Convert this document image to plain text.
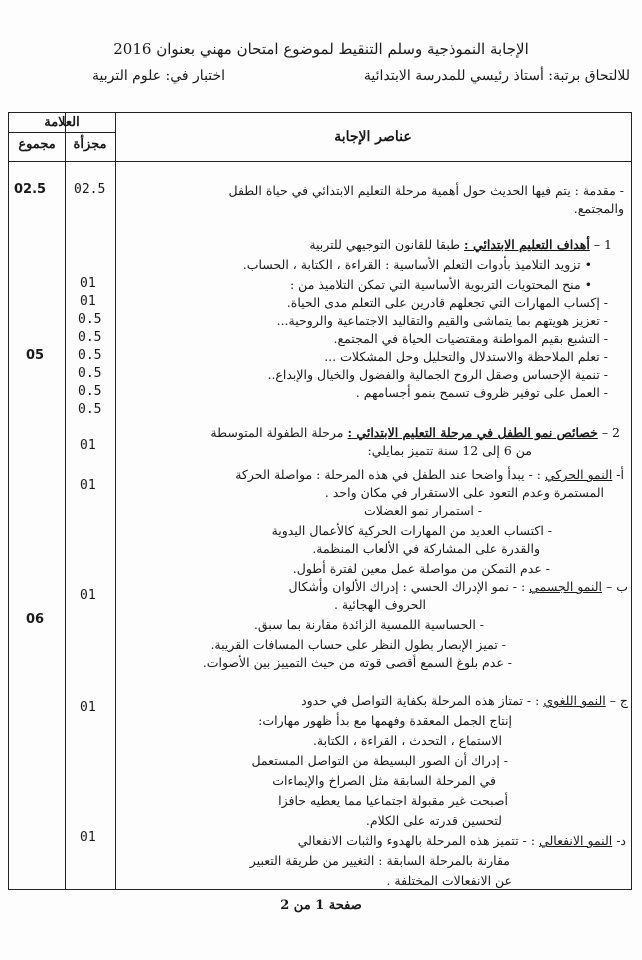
الإجابة النموذجية وسلم التنقيط لموضوع امتحان مهني بعنوان 2016
للالتحاق برتبة: أستاذ رئيسي للمدرسة الابتدائية
اختبار في: علوم التربية
العلامة
مجزأة
مجموع	عناصر الإجابة
02.5
02.5
01
01
0.5
0.5
0.5
0.5
0.5
0.5
05
01
01
01
01
01
06
- مقدمة : يتم فيها الحديث حول أهمية مرحلة التعليم الابتدائي في حياة الطفل
والمجتمع.
1 – أهداف التعليم الابتدائي : طبقا للقانون التوجيهي للتربية
• تزويد التلاميذ بأدوات التعلم الأساسية : القراءة ، الكتابة ، الحساب.
• منح المحتويات التربوية الأساسية التي تمكن التلاميذ من :
- إكساب المهارات التي تجعلهم قادرين على التعلم مدى الحياة.
- تعزيز هويتهم بما يتماشى والقيم والتقاليد الاجتماعية والروحية...
- التشبع بقيم المواطنة ومقتضيات الحياة في المجتمع.
- تعلم الملاحظة والاستدلال والتحليل وحل المشكلات ...
- تنمية الإحساس وصقل الروح الجمالية والفضول والخيال والإبداع..
- العمل على توفير ظروف تسمح بنمو أجسامهم .
2 – خصائص نمو الطفل في مرحلة التعليم الابتدائي : مرحلة الطفولة المتوسطة
من 6 إلى 12 سنة تتميز بمايلي:
أ- النمو الحركي : - يبدأ واضحا عند الطفل في هذه المرحلة : مواصلة الحركة
المستمرة وعدم التعود على الاستقرار في مكان واحد .
- استمرار نمو العضلات
- اكتساب العديد من المهارات الحركية كالأعمال اليدوية
والقدرة على المشاركة في الألعاب المنظمة.
- عدم التمكن من مواصلة عمل معين لفترة أطول.
ب – النمو الجسمي : - نمو الإدراك الحسي : إدراك الألوان وأشكال
الحروف الهجائية .
- الحساسية اللمسية الزائدة مقارنة بما سبق.
- تميز الإبصار بطول النظر على حساب المسافات القريبة.
- عدم بلوغ السمع أقصى قوته من حيث التمييز بين الأصوات.
ج – النمو اللغوي : - تمتاز هذه المرحلة بكفاية التواصل في حدود
إنتاج الجمل المعقدة وفهمها مع بدأ ظهور مهارات:
الاستماع ، التحدث ، القراءة ، الكتابة.
- إدراك أن الصور البسيطة من التواصل المستعمل
في المرحلة السابقة مثل الصراخ والإيماءات
أصبحت غير مقبولة اجتماعيا مما يعطيه حافزا
لتحسين قدرته على الكلام.
د- النمو الانفعالي : - تتميز هذه المرحلة بالهدوء والثبات الانفعالي
مقارنة بالمرحلة السابقة : التغيير من طريقة التعبير
عن الانفعالات المختلفة .
صفحة 1 من 2
